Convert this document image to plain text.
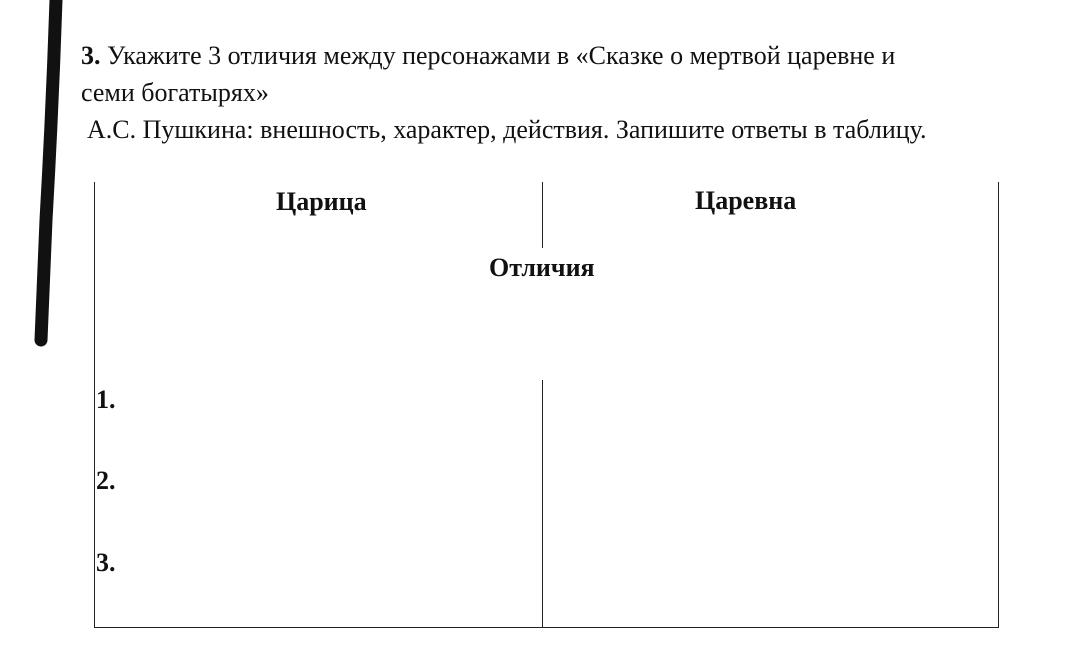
3. Укажите 3 отличия между персонажами в «Сказке о мертвой царевне и
семи богатырях»
А.С. Пушкина: внешность, характер, действия. Запишите ответы в таблицу.
Царица	Царевна
Отличия
1.
2.
3.
